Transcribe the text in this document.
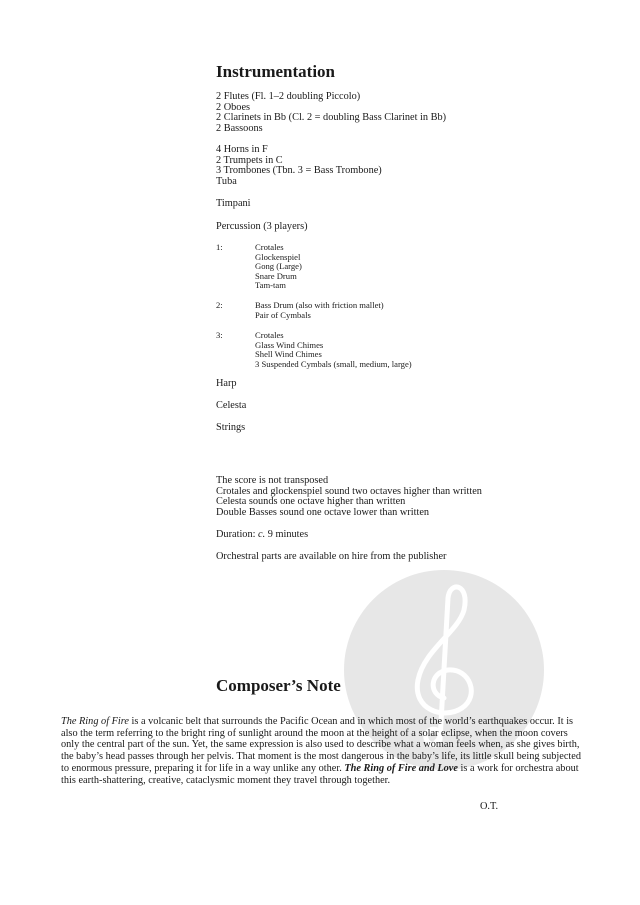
Instrumentation
2 Flutes (Fl. 1–2 doubling Piccolo)
2 Oboes
2 Clarinets in Bb (Cl. 2 = doubling Bass Clarinet in Bb)
2 Bassoons
4 Horns in F
2 Trumpets in C
3 Trombones (Tbn. 3 = Bass Trombone)
Tuba
Timpani
Percussion (3 players)
1:	Crotales
Glockenspiel
Gong (Large)
Snare Drum
Tam-tam
2:	Bass Drum (also with friction mallet)
Pair of Cymbals
3:	Crotales
Glass Wind Chimes
Shell Wind Chimes
3 Suspended Cymbals (small, medium, large)
Harp
Celesta
Strings
The score is not transposed
Crotales and glockenspiel sound two octaves higher than written
Celesta sounds one octave higher than written
Double Basses sound one octave lower than written
Duration: c. 9 minutes
Orchestral parts are available on hire from the publisher
Composer’s Note
The Ring of Fire is a volcanic belt that surrounds the Pacific Ocean and in which most of the world’s earthquakes occur. It is also the term referring to the bright ring of sunlight around the moon at the height of a solar eclipse, when the moon covers only the central part of the sun. Yet, the same expression is also used to describe what a woman feels when, as she gives birth, the baby’s head passes through her pelvis. That moment is the most dangerous in the baby’s life, its little skull being subjected to enormous pressure, preparing it for life in a way unlike any other. The Ring of Fire and Love is a work for orchestra about this earth-shattering, creative, cataclysmic moment they travel through together.
O.T.
